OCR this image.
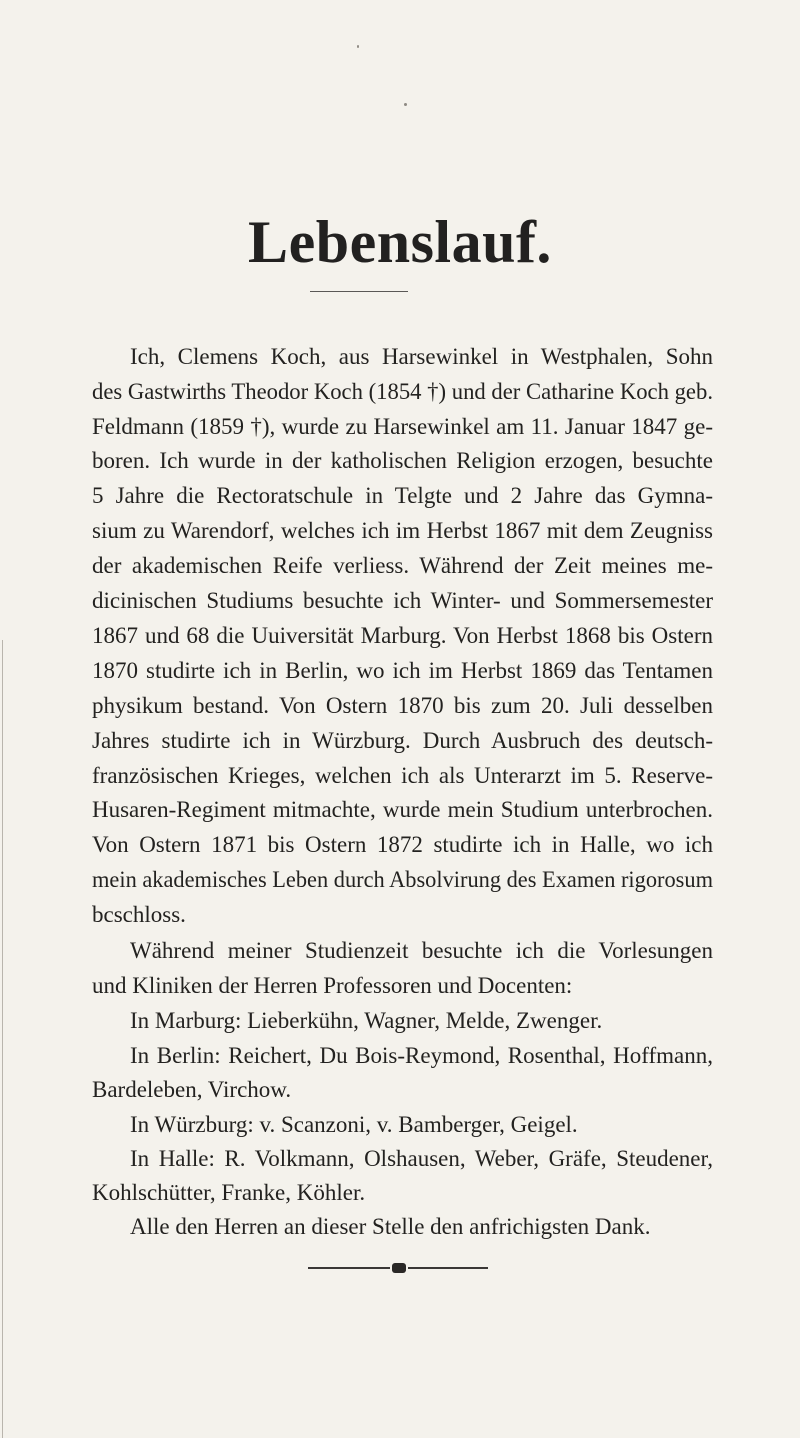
Lebenslauf.
Ich, Clemens Koch, aus Harsewinkel in Westphalen, Sohn
des Gastwirths Theodor Koch (1854 †) und der Catharine Koch geb.
Feldmann (1859 †), wurde zu Harsewinkel am 11. Januar 1847 ge-
boren. Ich wurde in der katholischen Religion erzogen, besuchte
5 Jahre die Rectoratschule in Telgte und 2 Jahre das Gymna-
sium zu Warendorf, welches ich im Herbst 1867 mit dem Zeugniss
der akademischen Reife verliess. Während der Zeit meines me-
dicinischen Studiums besuchte ich Winter- und Sommersemester
1867 und 68 die Uuiversität Marburg. Von Herbst 1868 bis Ostern
1870 studirte ich in Berlin, wo ich im Herbst 1869 das Tentamen
physikum bestand. Von Ostern 1870 bis zum 20. Juli desselben
Jahres studirte ich in Würzburg. Durch Ausbruch des deutsch-
französischen Krieges, welchen ich als Unterarzt im 5. Reserve-
Husaren-Regiment mitmachte, wurde mein Studium unterbrochen.
Von Ostern 1871 bis Ostern 1872 studirte ich in Halle, wo ich
mein akademisches Leben durch Absolvirung des Examen rigorosum
bcschloss.
Während meiner Studienzeit besuchte ich die Vorlesungen
und Kliniken der Herren Professoren und Docenten:
In Marburg: Lieberkühn, Wagner, Melde, Zwenger.
In Berlin: Reichert, Du Bois-Reymond, Rosenthal, Hoffmann,
Bardeleben, Virchow.
In Würzburg: v. Scanzoni, v. Bamberger, Geigel.
In Halle: R. Volkmann, Olshausen, Weber, Gräfe, Steudener,
Kohlschütter, Franke, Köhler.
Alle den Herren an dieser Stelle den anfrichigsten Dank.
